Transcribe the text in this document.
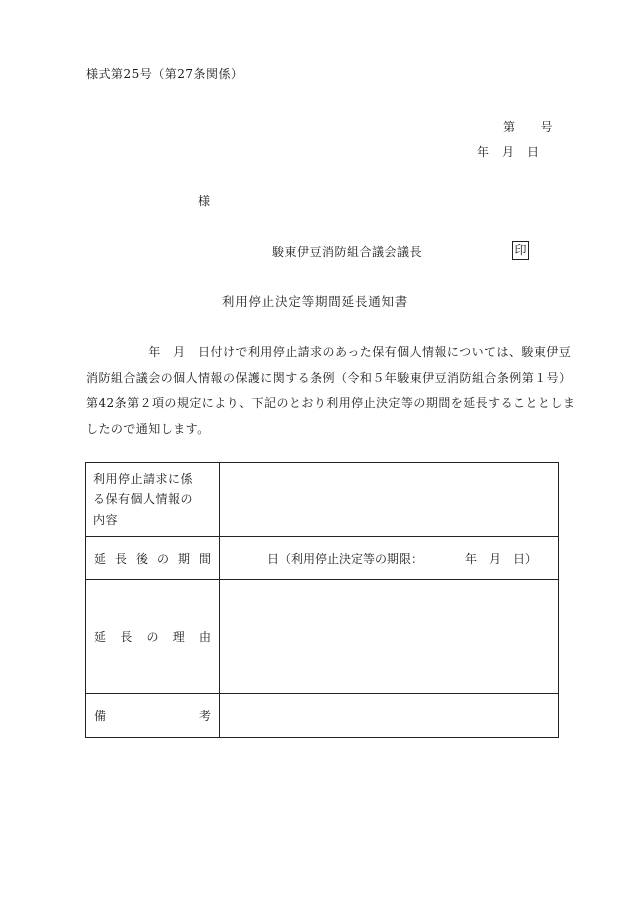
様式第25号（第27条関係）
第　　号
年　月　日
様
駿東伊豆消防組合議会議長	印
利用停止決定等期間延長通知書

　　　　　年　月　日付けで利用停止請求のあった保有個人情報については、駿東伊豆

消防組合議会の個人情報の保護に関する条例（令和５年駿東伊豆消防組合条例第１号）

第42条第２項の規定により、下記のとおり利用停止決定等の期間を延長することとしま

したので通知します。

利用停止請求に係
る保有個人情報の
内容	

延長後の期間	日（利用停止決定等の期限：　　　　年　月　日）

延長の理由	

備考	
